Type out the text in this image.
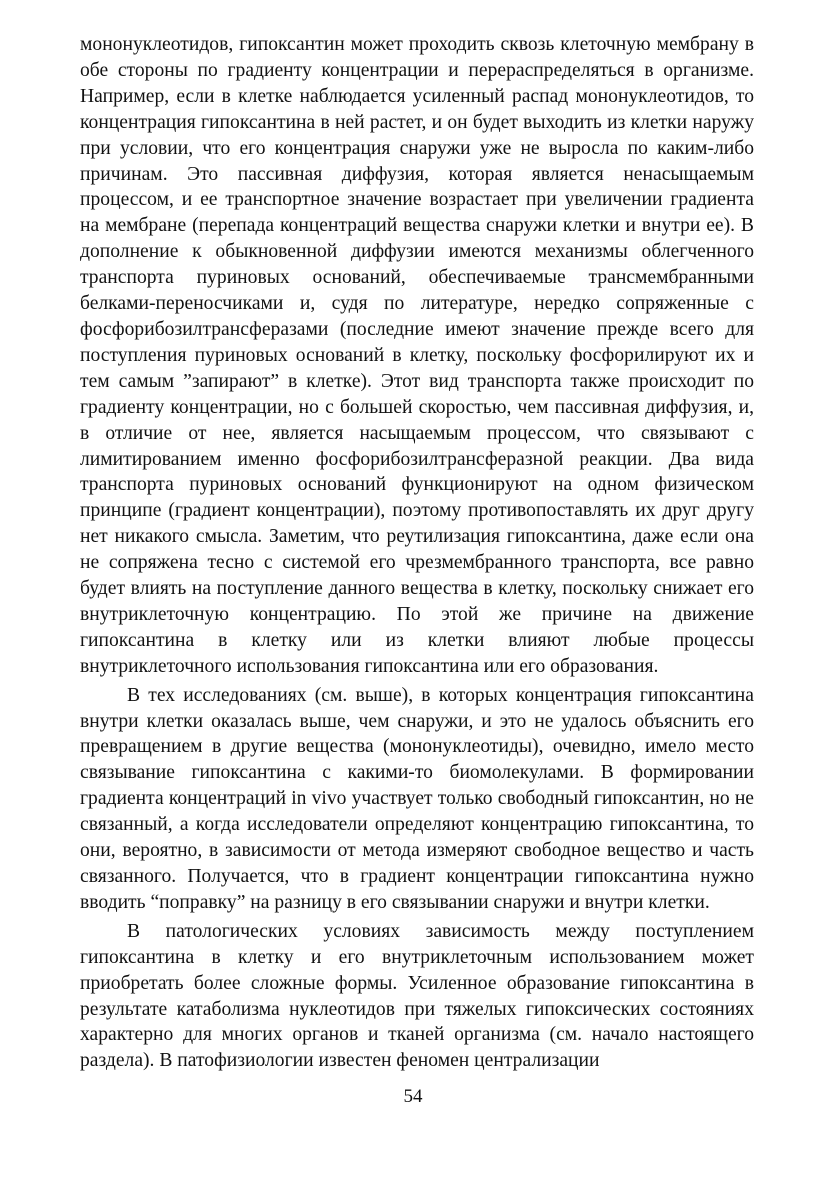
мононуклеотидов, гипоксантин может проходить сквозь клеточную мембрану в обе стороны по градиенту концентрации и перераспределяться в организме. Например, если в клетке наблюдается усиленный распад мононуклеотидов, то концентрация гипоксантина в ней растет, и он будет выходить из клетки наружу при условии, что его концентрация снаружи уже не выросла по каким-либо причинам. Это пассивная диффузия, которая является ненасыщаемым процессом, и ее транспортное значение возрастает при увеличении градиента на мембране (перепада концентраций вещества снаружи клетки и внутри ее). В дополнение к обыкновенной диффузии имеются механизмы облегченного транспорта пуриновых оснований, обеспечиваемые трансмембранными белками-переносчиками и, судя по литературе, нередко сопряженные с фосфорибозилтрансферазами (последние имеют значение прежде всего для поступления пуриновых оснований в клетку, поскольку фосфорилируют их и тем самым ”запирают” в клетке). Этот вид транспорта также происходит по градиенту концентрации, но с большей скоростью, чем пассивная диффузия, и, в отличие от нее, является насыщаемым процессом, что связывают с лимитированием именно фосфорибозилтрансферазной реакции. Два вида транспорта пуриновых оснований функционируют на одном физическом принципе (градиент концентрации), поэтому противопоставлять их друг другу нет никакого смысла. Заметим, что реутилизация гипоксантина, даже если она не сопряжена тесно с системой его чрезмембранного транспорта, все равно будет влиять на поступление данного вещества в клетку, поскольку снижает его внутриклеточную концентрацию. По этой же причине на движение гипоксантина в клетку или из клетки влияют любые процессы внутриклеточного использования гипоксантина или его образования.

В тех исследованиях (см. выше), в которых концентрация гипоксантина внутри клетки оказалась выше, чем снаружи, и это не удалось объяснить его превращением в другие вещества (мононуклеотиды), очевидно, имело место связывание гипоксантина с какими-то биомолекулами. В формировании градиента концентраций in vivo участвует только свободный гипоксантин, но не связанный, а когда исследователи определяют концентрацию гипоксантина, то они, вероятно, в зависимости от метода измеряют свободное вещество и часть связанного. Получается, что в градиент концентрации гипоксантина нужно вводить “поправку” на разницу в его связывании снаружи и внутри клетки.

В патологических условиях зависимость между поступлением гипоксантина в клетку и его внутриклеточным использованием может приобретать более сложные формы. Усиленное образование гипоксантина в результате катаболизма нуклеотидов при тяжелых гипоксических состояниях характерно для многих органов и тканей организма (см. начало настоящего раздела). В патофизиологии известен феномен централизации

54
